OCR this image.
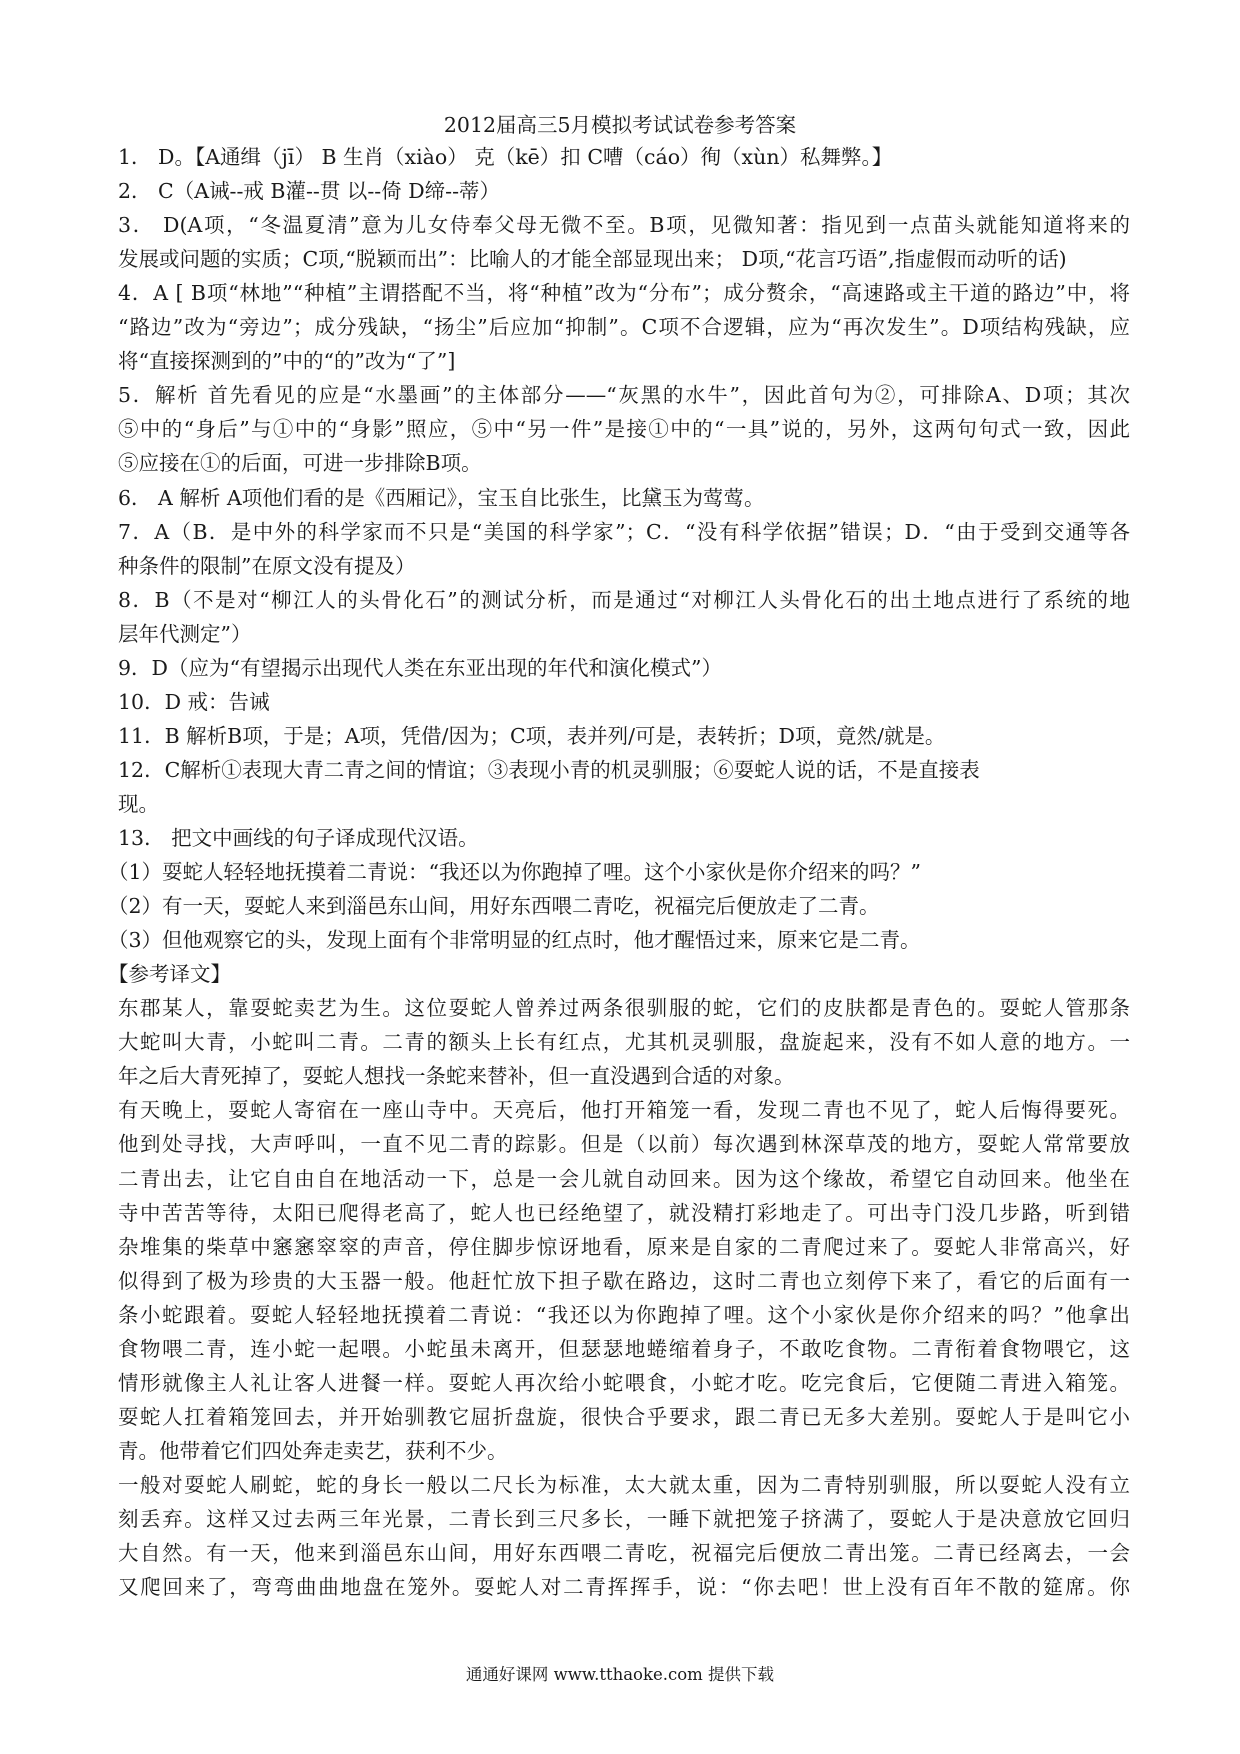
2012届高三5月模拟考试试卷参考答案
1． D。【A通缉（jī） B 生肖（xiào） 克（kē）扣 C嘈（cáo）徇（xùn）私舞弊。】
2． C（A诫--戒 B灌--贯 以--倚 D缔--蒂）
3． D(A项，“冬温夏清”意为儿女侍奉父母无微不至。B项，见微知著：指见到一点苗头就能知道将来的
发展或问题的实质；C项,“脱颖而出”：比喻人的才能全部显现出来； D项,“花言巧语”,指虚假而动听的话)
4．A [ B项“林地”“种植”主谓搭配不当，将“种植”改为“分布”；成分赘余，“高速路或主干道的路边”中，将
“路边”改为“旁边”；成分残缺，“扬尘”后应加“抑制”。C项不合逻辑，应为“再次发生”。D项结构残缺，应
将“直接探测到的”中的“的”改为“了”]
5．解析 首先看见的应是“水墨画”的主体部分——“灰黑的水牛”，因此首句为②，可排除A、D项；其次
⑤中的“身后”与①中的“身影”照应，⑤中“另一件”是接①中的“一具”说的，另外，这两句句式一致，因此
⑤应接在①的后面，可进一步排除B项。
6． A 解析 A项他们看的是《西厢记》，宝玉自比张生，比黛玉为莺莺。
7．A（B．是中外的科学家而不只是“美国的科学家”；C．“没有科学依据”错误；D．“由于受到交通等各
种条件的限制”在原文没有提及）
8．B（不是对“柳江人的头骨化石”的测试分析，而是通过“对柳江人头骨化石的出土地点进行了系统的地
层年代测定”）
9．D（应为“有望揭示出现代人类在东亚出现的年代和演化模式”）
10．D 戒：告诫
11．B 解析B项，于是；A项，凭借/因为；C项，表并列/可是，表转折；D项，竟然/就是。
12．C解析①表现大青二青之间的情谊；③表现小青的机灵驯服；⑥耍蛇人说的话，不是直接表
现。
13． 把文中画线的句子译成现代汉语。
（1）耍蛇人轻轻地抚摸着二青说：“我还以为你跑掉了哩。这个小家伙是你介绍来的吗？”
（2）有一天，耍蛇人来到淄邑东山间，用好东西喂二青吃，祝福完后便放走了二青。
（3）但他观察它的头，发现上面有个非常明显的红点时，他才醒悟过来，原来它是二青。
【参考译文】
东郡某人，靠耍蛇卖艺为生。这位耍蛇人曾养过两条很驯服的蛇，它们的皮肤都是青色的。耍蛇人管那条
大蛇叫大青，小蛇叫二青。二青的额头上长有红点，尤其机灵驯服，盘旋起来，没有不如人意的地方。一
年之后大青死掉了，耍蛇人想找一条蛇来替补，但一直没遇到合适的对象。
有天晚上，耍蛇人寄宿在一座山寺中。天亮后，他打开箱笼一看，发现二青也不见了，蛇人后悔得要死。
他到处寻找，大声呼叫，一直不见二青的踪影。但是（以前）每次遇到林深草茂的地方，耍蛇人常常要放
二青出去，让它自由自在地活动一下，总是一会儿就自动回来。因为这个缘故，希望它自动回来。他坐在
寺中苦苦等待，太阳已爬得老高了，蛇人也已经绝望了，就没精打彩地走了。可出寺门没几步路，听到错
杂堆集的柴草中窸窸窣窣的声音，停住脚步惊讶地看，原来是自家的二青爬过来了。耍蛇人非常高兴，好
似得到了极为珍贵的大玉器一般。他赶忙放下担子歇在路边，这时二青也立刻停下来了，看它的后面有一
条小蛇跟着。耍蛇人轻轻地抚摸着二青说：“我还以为你跑掉了哩。这个小家伙是你介绍来的吗？”他拿出
食物喂二青，连小蛇一起喂。小蛇虽未离开，但瑟瑟地蜷缩着身子，不敢吃食物。二青衔着食物喂它，这
情形就像主人礼让客人进餐一样。耍蛇人再次给小蛇喂食，小蛇才吃。吃完食后，它便随二青进入箱笼。
耍蛇人扛着箱笼回去，并开始驯教它屈折盘旋，很快合乎要求，跟二青已无多大差别。耍蛇人于是叫它小
青。他带着它们四处奔走卖艺，获利不少。
一般对耍蛇人刷蛇，蛇的身长一般以二尺长为标准，太大就太重，因为二青特别驯服，所以耍蛇人没有立
刻丢弃。这样又过去两三年光景，二青长到三尺多长，一睡下就把笼子挤满了，耍蛇人于是决意放它回归
大自然。有一天，他来到淄邑东山间，用好东西喂二青吃，祝福完后便放二青出笼。二青已经离去，一会
又爬回来了，弯弯曲曲地盘在笼外。耍蛇人对二青挥挥手，说：“你去吧！世上没有百年不散的筵席。你
通通好课网 www.tthaoke.com 提供下载
